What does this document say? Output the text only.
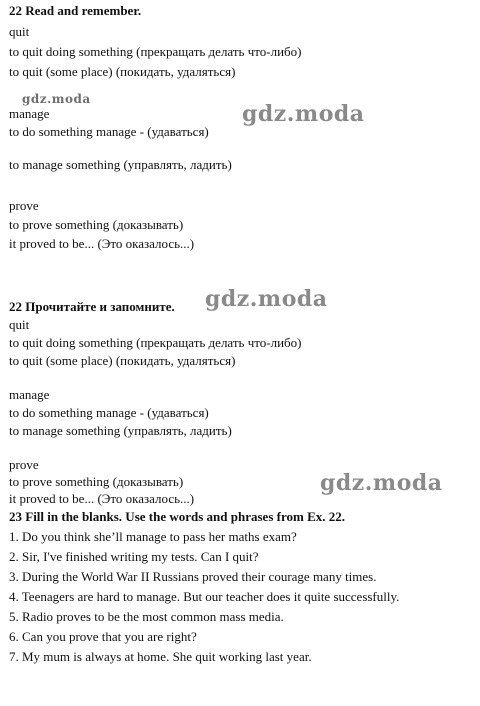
22 Read and remember.
quit
to quit doing something (прекращать делать что-либо)
to quit (some place) (покидать, удаляться)
gdz.moda
gdz.moda
manage
to do something manage - (удаваться)
to manage something (управлять, ладить)
prove
to prove something (доказывать)
it proved to be... (Это оказалось...)
22 Прочитайте и запомните. gdz.moda
quit
to quit doing something (прекращать делать что-либо)
to quit (some place) (покидать, удаляться)
manage
to do something manage - (удаваться)
to manage something (управлять, ладить)
prove
to prove something (доказывать)
it proved to be... (Это оказалось...)
gdz.moda
23 Fill in the blanks. Use the words and phrases from Ex. 22.
1. Do you think she’ll manage to pass her maths exam?
2. Sir, I've finished writing my tests. Can I quit?
3. During the World War II Russians proved their courage many times.
4. Teenagers are hard to manage. But our teacher does it quite successfully.
5. Radio proves to be the most common mass media.
6. Can you prove that you are right?
7. My mum is always at home. She quit working last year.
